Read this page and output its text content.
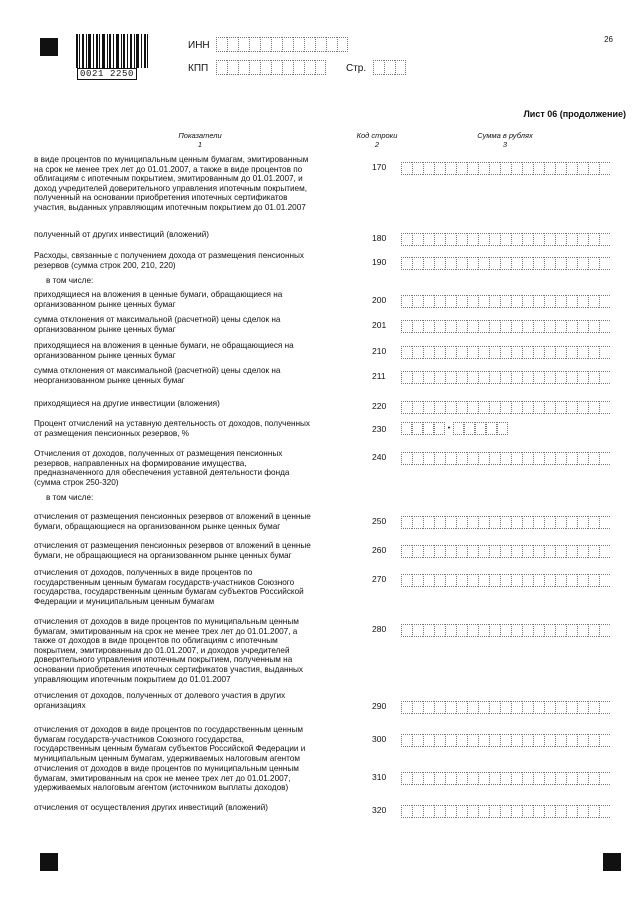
0021 2250
ИНН
КПП	Стр.
26
Лист 06 (продолжение)
Показатели
1
Код строки
2
Сумма в рублях
3
в том числе:
в том числе:
в виде процентов по муниципальным ценным бумагам, эмитированным
на срок не менее трех лет до 01.01.2007, а также в виде процентов по
облигациям с ипотечным покрытием, эмитированным до 01.01.2007, и
доход учредителей доверительного управления ипотечным покрытием,
полученный на основании приобретения ипотечных сертификатов
участия, выданных управляющим ипотечным покрытием до 01.01.2007
170
полученный от других инвестиций (вложений)	180
Расходы, связанные с получением дохода от размещения пенсионных
резервов (сумма строк 200, 210, 220)	190
приходящиеся на вложения в ценные бумаги, обращающиеся на
организованном рынке ценных бумаг	200
сумма отклонения от максимальной (расчетной) цены сделок на
организованном рынке ценных бумаг	201
приходящиеся на вложения в ценные бумаги, не обращающиеся на
организованном рынке ценных бумаг	210
сумма отклонения от максимальной (расчетной) цены сделок на
неорганизованном рынке ценных бумаг	211
приходящиеся на другие инвестиции (вложения)	220
Процент отчислений на уставную деятельность от доходов, полученных
от размещения пенсионных резервов, %	230	•
Отчисления от доходов, полученных от размещения пенсионных
резервов, направленных на формирование имущества,
предназначенного для обеспечения уставной деятельности фонда
(сумма строк 250-320)
240
отчисления от размещения пенсионных резервов от вложений в ценные
бумаги, обращающиеся на организованном рынке ценных бумаг
250
отчисления от размещения пенсионных резервов от вложений в ценные
бумаги, не обращающиеся на организованном рынке ценных бумаг
260
отчисления от доходов, полученных в виде процентов по
государственным ценным бумагам государств-участников Союзного
государства, государственным ценным бумагам субъектов Российской
Федерации и муниципальным ценным бумагам
270
отчисления от доходов в виде процентов по муниципальным ценным
бумагам, эмитированным на срок не менее трех лет до 01.01.2007, а
также от доходов в виде процентов по облигациям с ипотечным
покрытием, эмитированным до 01.01.2007, и доходов учредителей
доверительного управления ипотечным покрытием, полученным на
основании приобретения ипотечных сертификатов участия, выданных
управляющим ипотечным покрытием до 01.01.2007
280
отчисления от доходов, полученных от долевого участия в других
организациях	290
отчисления от доходов в виде процентов по государственным ценным
бумагам государств-участников Союзного государства,
государственным ценным бумагам субъектов Российской Федерации и
муниципальным ценным бумагам, удерживаемых налоговым агентом
300
отчисления от доходов в виде процентов по муниципальным ценным
бумагам, эмитированным на срок не менее трех лет до 01.01.2007,
удерживаемых налоговым агентом (источником выплаты доходов)
310
отчисления от осуществления других инвестиций (вложений)	320
